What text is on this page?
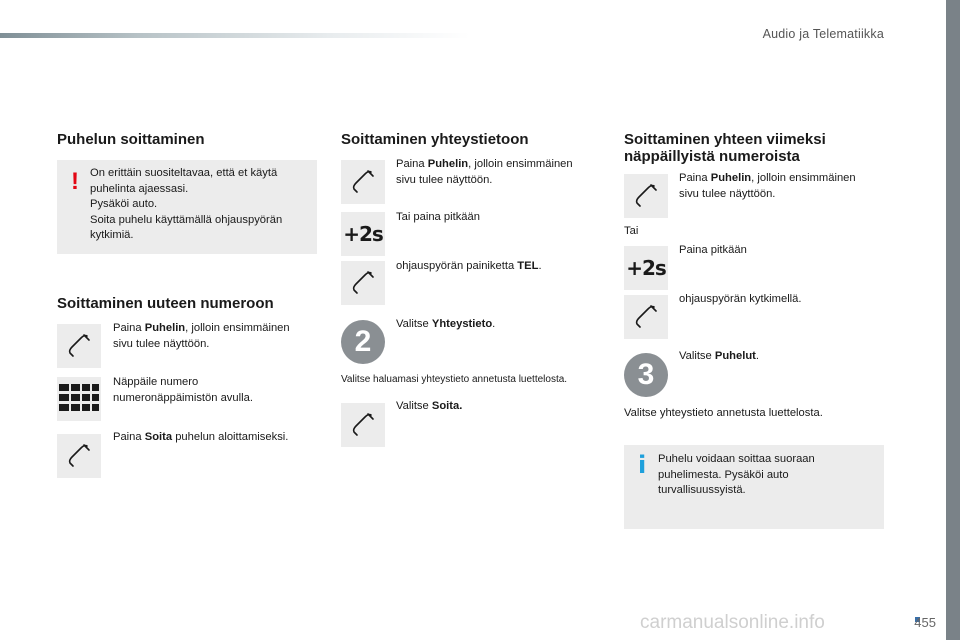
Audio ja Telematiikka
Puhelun soittaminen
! On erittäin suositeltavaa, että et käytä
puhelinta ajaessasi.
Pysäköi auto.
Soita puhelu käyttämällä ohjauspyörän
kytkimiä.
Soittaminen uuteen numeroon
Paina Puhelin, jolloin ensimmäinen
sivu tulee näyttöön.
Näppäile numero
numeronäppäimistön avulla.
Paina Soita puhelun aloittamiseksi.
Soittaminen yhteystietoon
Paina Puhelin, jolloin ensimmäinen
sivu tulee näyttöön.
+2s
Tai paina pitkään
ohjauspyörän painiketta TEL.
2
Valitse Yhteystieto.
Valitse haluamasi yhteystieto annetusta luettelosta.
Valitse Soita.
Soittaminen yhteen viimeksi
näppäillyistä numeroista
Paina Puhelin, jolloin ensimmäinen
sivu tulee näyttöön.
Tai
+2s
Paina pitkään
ohjauspyörän kytkimellä.
3
Valitse Puhelut.
Valitse yhteystieto annetusta luettelosta.
i Puhelu voidaan soittaa suoraan
puhelimesta. Pysäköi auto
turvallisuussyistä.
455
carmanualsonline.info
